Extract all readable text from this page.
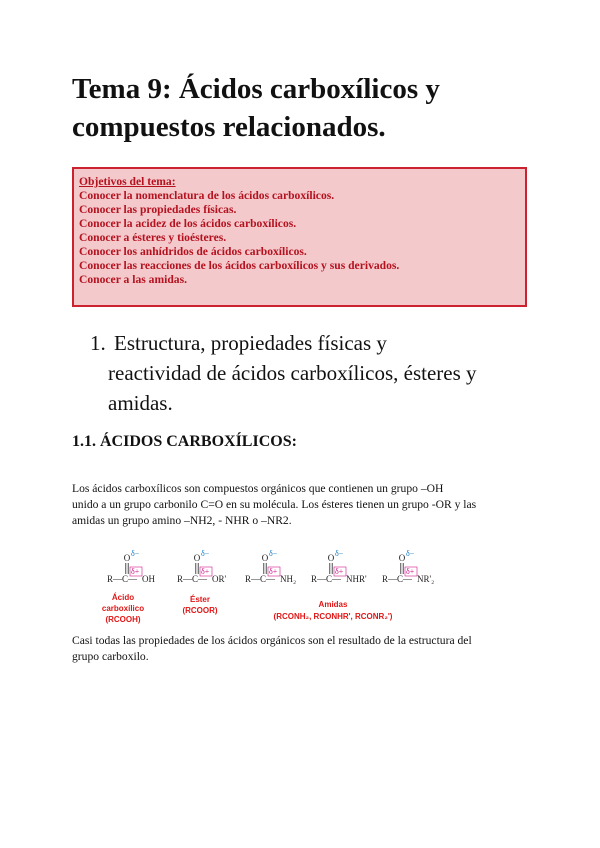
Tema 9: Ácidos carboxílicos y
compuestos relacionados.
Objetivos del tema:
Conocer la nomenclatura de los ácidos carboxílicos.
Conocer las propiedades físicas.
Conocer la acidez de los ácidos carboxílicos.
Conocer a ésteres y tioésteres.
Conocer los anhídridos de ácidos carboxílicos.
Conocer las reacciones de los ácidos carboxílicos y sus derivados.
Conocer a las amidas.
1. Estructura, propiedades físicas y
reactividad de ácidos carboxílicos, ésteres y
amidas.
1.1. ÁCIDOS CARBOXÍLICOS:

Los ácidos carboxílicos son compuestos orgánicos que contienen un grupo –OH
unido a un grupo carbonilo C=O en su molécula. Los ésteres tienen un grupo -OR y las
amidas un grupo amino –NH2, - NHR o –NR2.

O δ−
δ+
R—C— OH
O δ−
δ+
R—C— OR'
O δ−
δ+
R—C— NH₂
O δ−
δ+
R—C— NHR'
O δ−
δ+
R—C— NR'₂
Ácido
carboxílico
(RCOOH)
Éster
(RCOOR)
Amidas
(RCONH₂, RCONHR', RCONR₂')

Casi todas las propiedades de los ácidos orgánicos son el resultado de la estructura del
grupo carboxilo.
